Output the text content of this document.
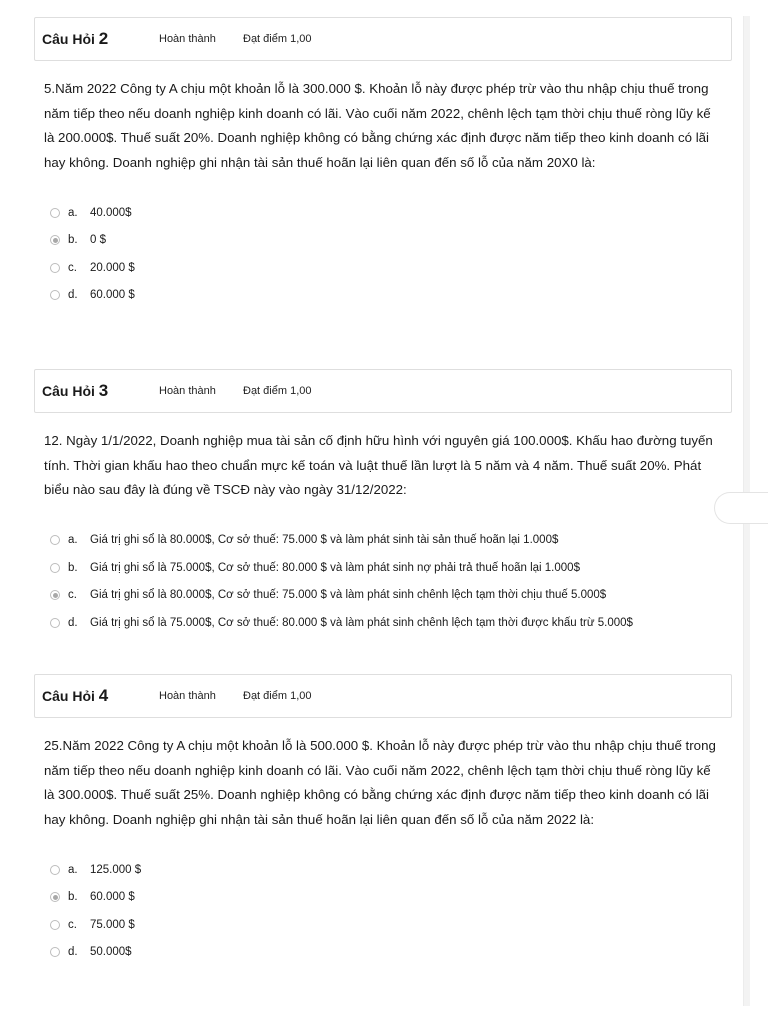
Câu Hỏi 2	Hoàn thành	Đạt điểm 1,00
5.Năm 2022 Công ty A chịu một khoản lỗ là 300.000 $. Khoản lỗ này được phép trừ vào thu nhập chịu thuế trong năm tiếp theo nếu doanh nghiệp kinh doanh có lãi. Vào cuối năm 2022, chênh lệch tạm thời chịu thuế ròng lũy kế là 200.000$. Thuế suất 20%. Doanh nghiệp không có bằng chứng xác định được năm tiếp theo kinh doanh có lãi hay không. Doanh nghiệp ghi nhận tài sản thuế hoãn lại liên quan đến số lỗ của năm 20X0 là:
a.	40.000$
b.	0 $
c.	20.000 $
d.	60.000 $
Câu Hỏi 3	Hoàn thành	Đạt điểm 1,00
12. Ngày 1/1/2022, Doanh nghiệp mua tài sản cố định hữu hình với nguyên giá 100.000$. Khấu hao đường tuyến tính. Thời gian khấu hao theo chuẩn mực kế toán và luật thuế lần lượt là 5 năm và 4 năm. Thuế suất 20%. Phát biểu nào sau đây là đúng về TSCĐ này vào ngày 31/12/2022:
a.	Giá trị ghi sổ là 80.000$, Cơ sở thuế: 75.000 $ và làm phát sinh tài sản thuế hoãn lại 1.000$
b.	Giá trị ghi sổ là 75.000$, Cơ sở thuế: 80.000 $ và làm phát sinh nợ phải trả thuế hoãn lại 1.000$
c.	Giá trị ghi sổ là 80.000$, Cơ sở thuế: 75.000 $ và làm phát sinh chênh lệch tạm thời chịu thuế 5.000$
d.	Giá trị ghi sổ là 75.000$, Cơ sở thuế: 80.000 $ và làm phát sinh chênh lệch tạm thời được khấu trừ 5.000$
Câu Hỏi 4	Hoàn thành	Đạt điểm 1,00
25.Năm 2022 Công ty A chịu một khoản lỗ là 500.000 $. Khoản lỗ này được phép trừ vào thu nhập chịu thuế trong năm tiếp theo nếu doanh nghiệp kinh doanh có lãi. Vào cuối năm 2022, chênh lệch tạm thời chịu thuế ròng lũy kế là 300.000$. Thuế suất 25%. Doanh nghiệp không có bằng chứng xác định được năm tiếp theo kinh doanh có lãi hay không. Doanh nghiệp ghi nhận tài sản thuế hoãn lại liên quan đến số lỗ của năm 2022 là:
a.	125.000 $
b.	60.000 $
c.	75.000 $
d.	50.000$
